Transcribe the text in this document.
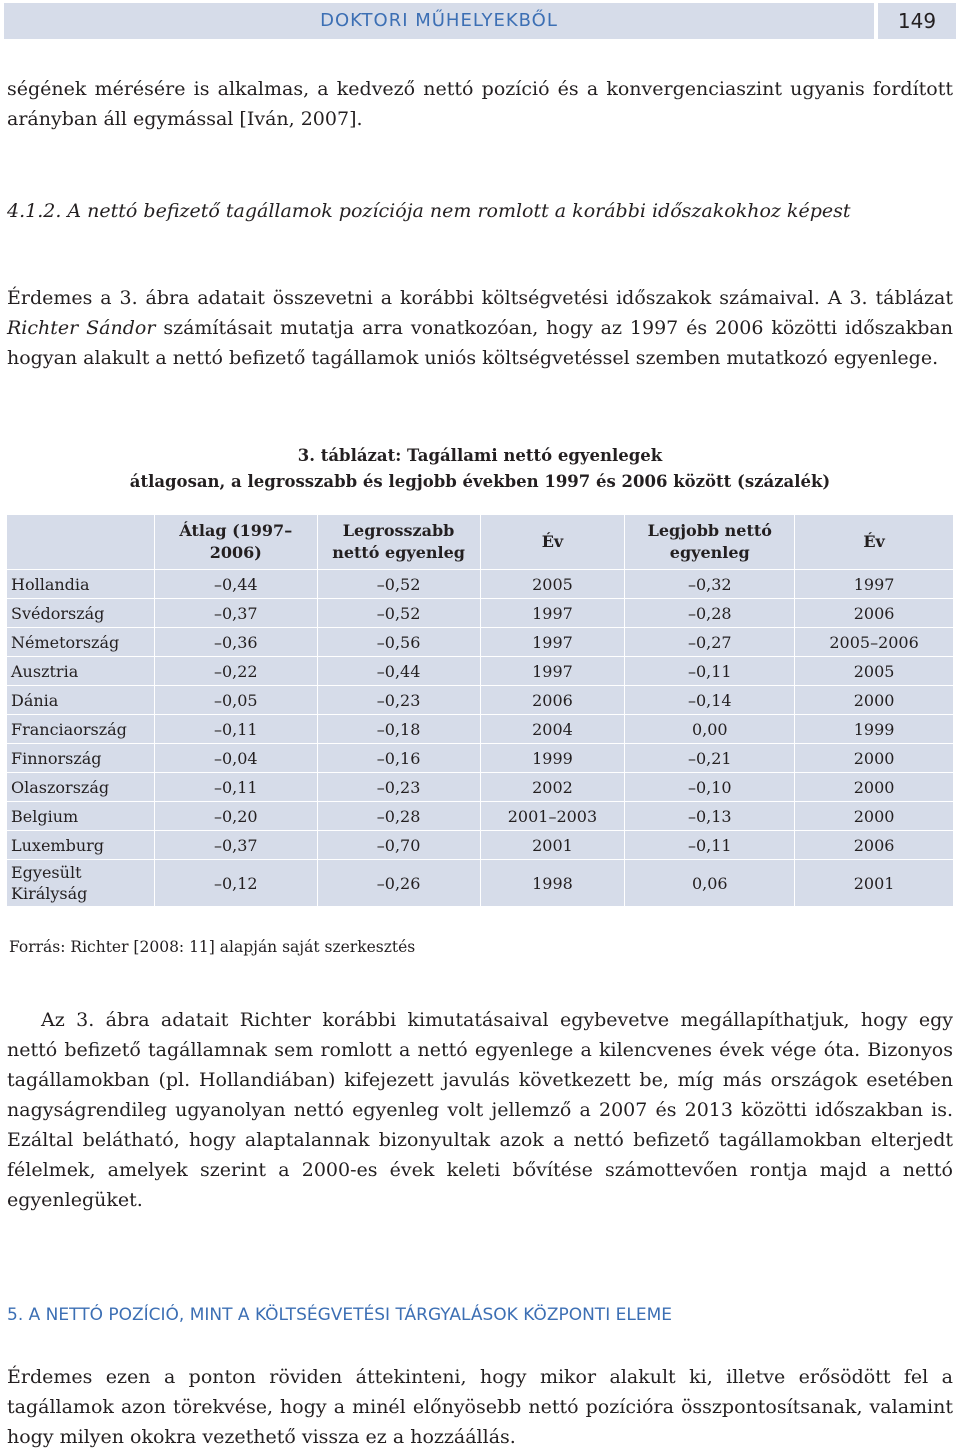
DOKTORI MŰHELYEKBŐL	149
ségének mérésére is alkalmas, a kedvező nettó pozíció és a konvergenciaszint ugyanis fordított arányban áll egymással [Iván, 2007].
4.1.2. A nettó befizető tagállamok pozíciója nem romlott a korábbi időszakokhoz képest
Érdemes a 3. ábra adatait összevetni a korábbi költségvetési időszakok számaival. A 3. táblázat Richter Sándor számításait mutatja arra vonatkozóan, hogy az 1997 és 2006 közötti időszakban hogyan alakult a nettó befizető tagállamok uniós költségvetéssel szemben mutatkozó egyenlege.
3. táblázat: Tagállami nettó egyenlegek
átlagosan, a legrosszabb és legjobb években 1997 és 2006 között (százalék)
	Átlag (1997–2006)	Legrosszabb nettó egyenleg	Év	Legjobb nettó egyenleg	Év
Hollandia	–0,44	–0,52	2005	–0,32	1997
Svédország	–0,37	–0,52	1997	–0,28	2006
Németország	–0,36	–0,56	1997	–0,27	2005–2006
Ausztria	–0,22	–0,44	1997	–0,11	2005
Dánia	–0,05	–0,23	2006	–0,14	2000
Franciaország	–0,11	–0,18	2004	0,00	1999
Finnország	–0,04	–0,16	1999	–0,21	2000
Olaszország	–0,11	–0,23	2002	–0,10	2000
Belgium	–0,20	–0,28	2001–2003	–0,13	2000
Luxemburg	–0,37	–0,70	2001	–0,11	2006
Egyesült Királyság	–0,12	–0,26	1998	0,06	2001
Forrás: Richter [2008: 11] alapján saját szerkesztés
Az 3. ábra adatait Richter korábbi kimutatásaival egybevetve megállapíthatjuk, hogy egy nettó befizető tagállamnak sem romlott a nettó egyenlege a kilencvenes évek vége óta. Bizonyos tagállamokban (pl. Hollandiában) kifejezett javulás következett be, míg más országok esetében nagyságrendileg ugyanolyan nettó egyenleg volt jellemző a 2007 és 2013 közötti időszakban is. Ezáltal belátható, hogy alaptalannak bizonyultak azok a nettó befizető tagállamokban elterjedt félelmek, amelyek szerint a 2000-es évek keleti bővítése számottevően rontja majd a nettó egyenlegüket.
5. A NETTÓ POZÍCIÓ, MINT A KÖLTSÉGVETÉSI TÁRGYALÁSOK KÖZPONTI ELEME
Érdemes ezen a ponton röviden áttekinteni, hogy mikor alakult ki, illetve erősödött fel a tagállamok azon törekvése, hogy a minél előnyösebb nettó pozícióra összpontosítsanak, valamint hogy milyen okokra vezethető vissza ez a hozzáállás.
